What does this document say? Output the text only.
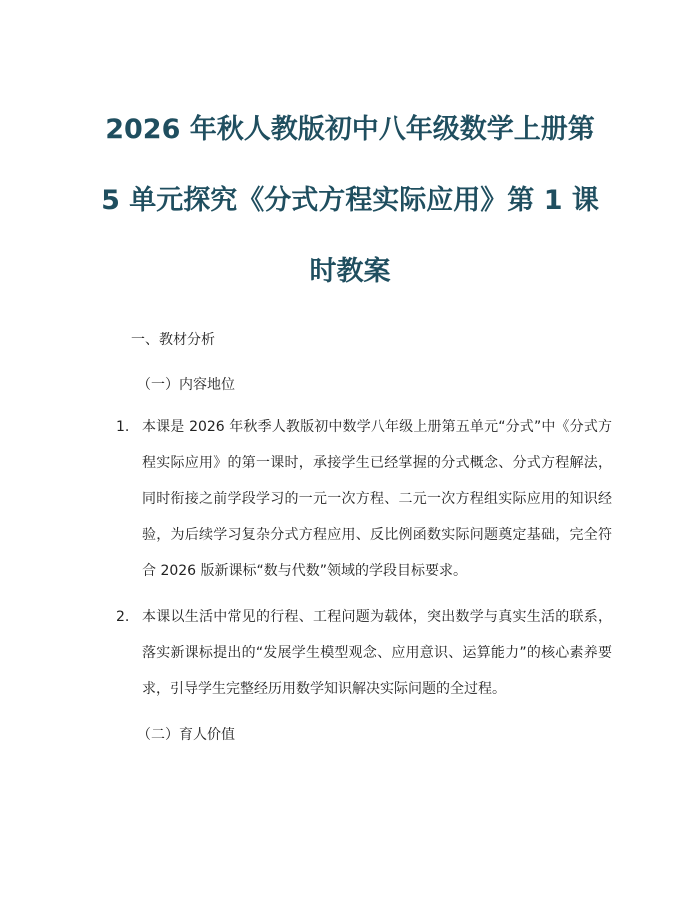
2026 年秋人教版初中八年级数学上册第
5 单元探究《分式方程实际应用》第 1 课
时教案

一、教材分析

（一）内容地位

1. 本课是 2026 年秋季人教版初中数学八年级上册第五单元“分式”中《分式方程实际应用》的第一课时，承接学生已经掌握的分式概念、分式方程解法，同时衔接之前学段学习的一元一次方程、二元一次方程组实际应用的知识经验，为后续学习复杂分式方程应用、反比例函数实际问题奠定基础，完全符合 2026 版新课标“数与代数”领域的学段目标要求。
2. 本课以生活中常见的行程、工程问题为载体，突出数学与真实生活的联系，落实新课标提出的“发展学生模型观念、应用意识、运算能力”的核心素养要求，引导学生完整经历用数学知识解决实际问题的全过程。

（二）育人价值
